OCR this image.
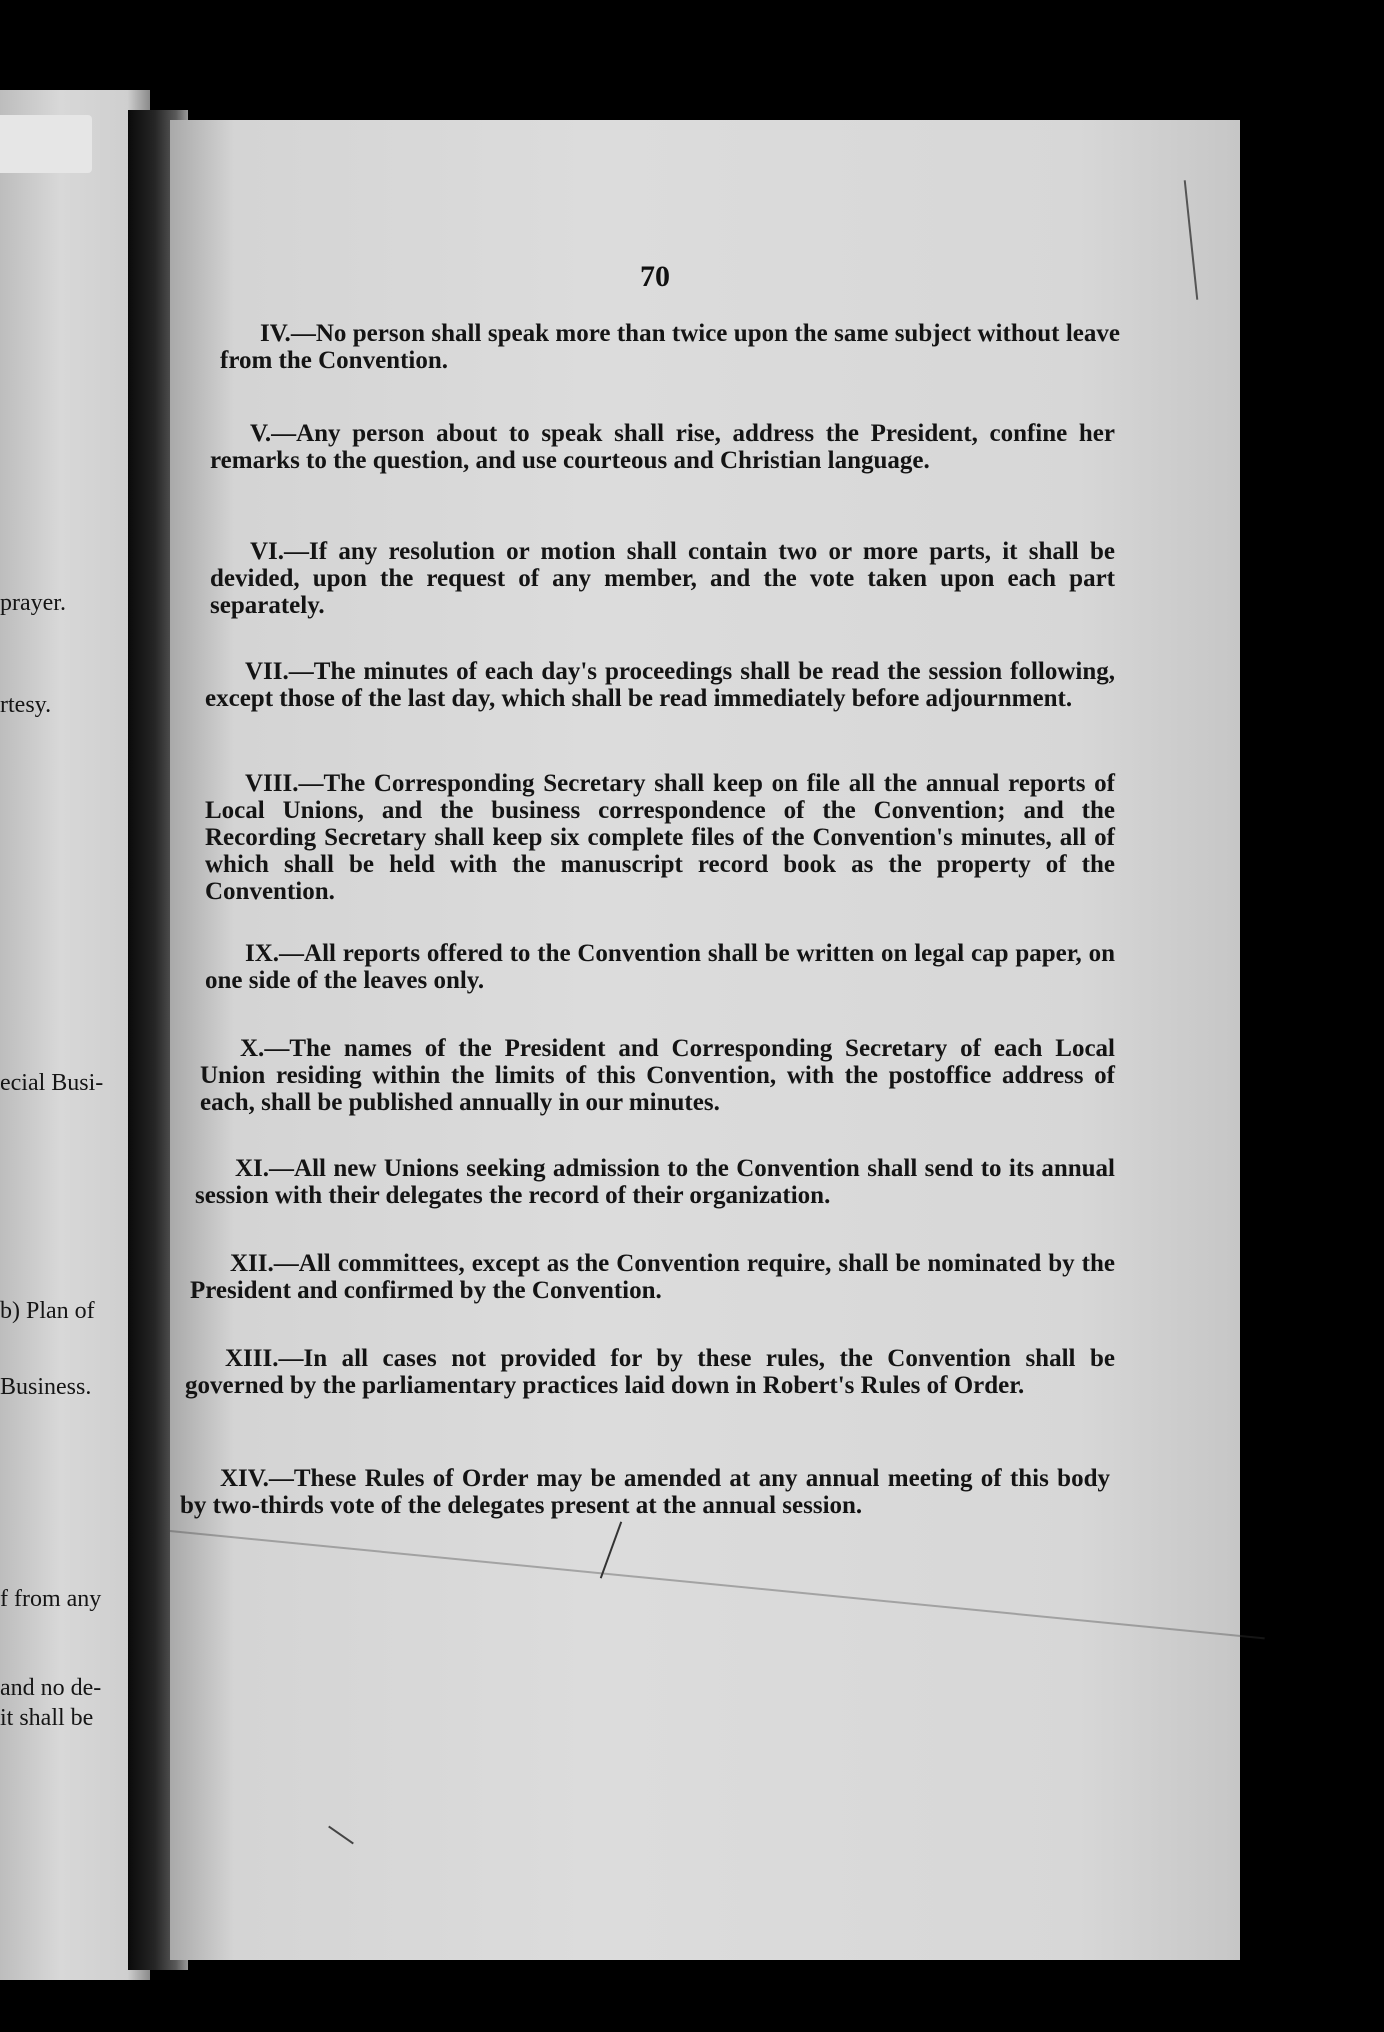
prayer.
rtesy.
ecial Busi-
b) Plan of
Business.
f from any
and no de-
it shall be
70

IV.—No person shall speak more than twice upon the same subject without leave from the Convention.

V.—Any person about to speak shall rise, address the President, confine her remarks to the question, and use courteous and Christian language.

VI.—If any resolution or motion shall contain two or more parts, it shall be devided, upon the request of any member, and the vote taken upon each part separately.

VII.—The minutes of each day's proceedings shall be read the session following, except those of the last day, which shall be read immediately before adjournment.

VIII.—The Corresponding Secretary shall keep on file all the annual reports of Local Unions, and the business correspondence of the Convention; and the Recording Secretary shall keep six complete files of the Convention's minutes, all of which shall be held with the manuscript record book as the property of the Convention.

IX.—All reports offered to the Convention shall be written on legal cap paper, on one side of the leaves only.

X.—The names of the President and Corresponding Secretary of each Local Union residing within the limits of this Convention, with the postoffice address of each, shall be published annually in our minutes.

XI.—All new Unions seeking admission to the Convention shall send to its annual session with their delegates the record of their organization.

XII.—All committees, except as the Convention require, shall be nominated by the President and confirmed by the Convention.

XIII.—In all cases not provided for by these rules, the Convention shall be governed by the parliamentary practices laid down in Robert's Rules of Order.

XIV.—These Rules of Order may be amended at any annual meeting of this body by two-thirds vote of the delegates present at the annual session.
